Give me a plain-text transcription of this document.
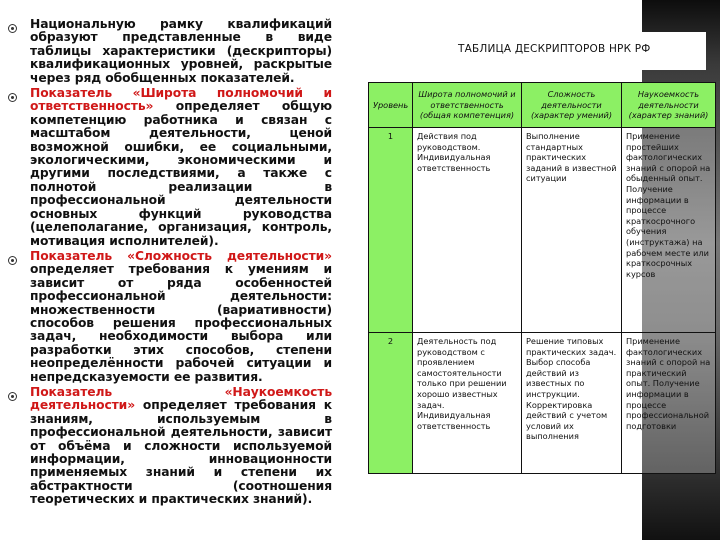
Национальную рамку квалификаций образуют представленные в виде таблицы характеристики (дескрипторы) квалификационных уровней, раскрытые через ряд обобщенных показателей.
Показатель «Широта полномочий и ответственность» определяет общую компетенцию работника и связан с масштабом деятельности, ценой возможной ошибки, ее социальными, экологическими, экономическими и другими последствиями, а также с полнотой реализации в профессиональной деятельности основных функций руководства (целеполагание, организация, контроль, мотивация исполнителей).
Показатель «Сложность деятельности» определяет требования к умениям и зависит от ряда особенностей профессиональной деятельности: множественности (вариативности) способов решения профессиональных задач, необходимости выбора или разработки этих способов, степени неопределённости рабочей ситуации и непредсказуемости ее развития.
Показатель «Наукоемкость деятельности» определяет требования к знаниям, используемым в профессиональной деятельности, зависит от объёма и сложности используемой информации, инновационности применяемых знаний и степени их абстрактности (соотношения теоретических и практических знаний).
ТАБЛИЦА ДЕСКРИПТОРОВ НРК РФ
Уровень	Широта полномочий и ответственность (общая компетенция)	Сложность деятельности (характер умений)	Наукоемкость деятельности (характер знаний)
1	Действия под руководством. Индивидуальная ответственность	Выполнение стандартных практических заданий в известной ситуации	Применение простейших фактологических знаний с опорой на обыденный опыт. Получение информации в процессе краткосрочного обучения (инструктажа) на рабочем месте или краткосрочных курсов
2	Деятельность под руководством с проявлением самостоятельности только при решении хорошо известных задач. Индивидуальная ответственность	Решение типовых практических задач. Выбор способа действий из известных по инструкции. Корректировка действий с учетом условий их выполнения	Применение фактологических знаний с опорой на практический опыт. Получение информации в процессе профессиональной подготовки
